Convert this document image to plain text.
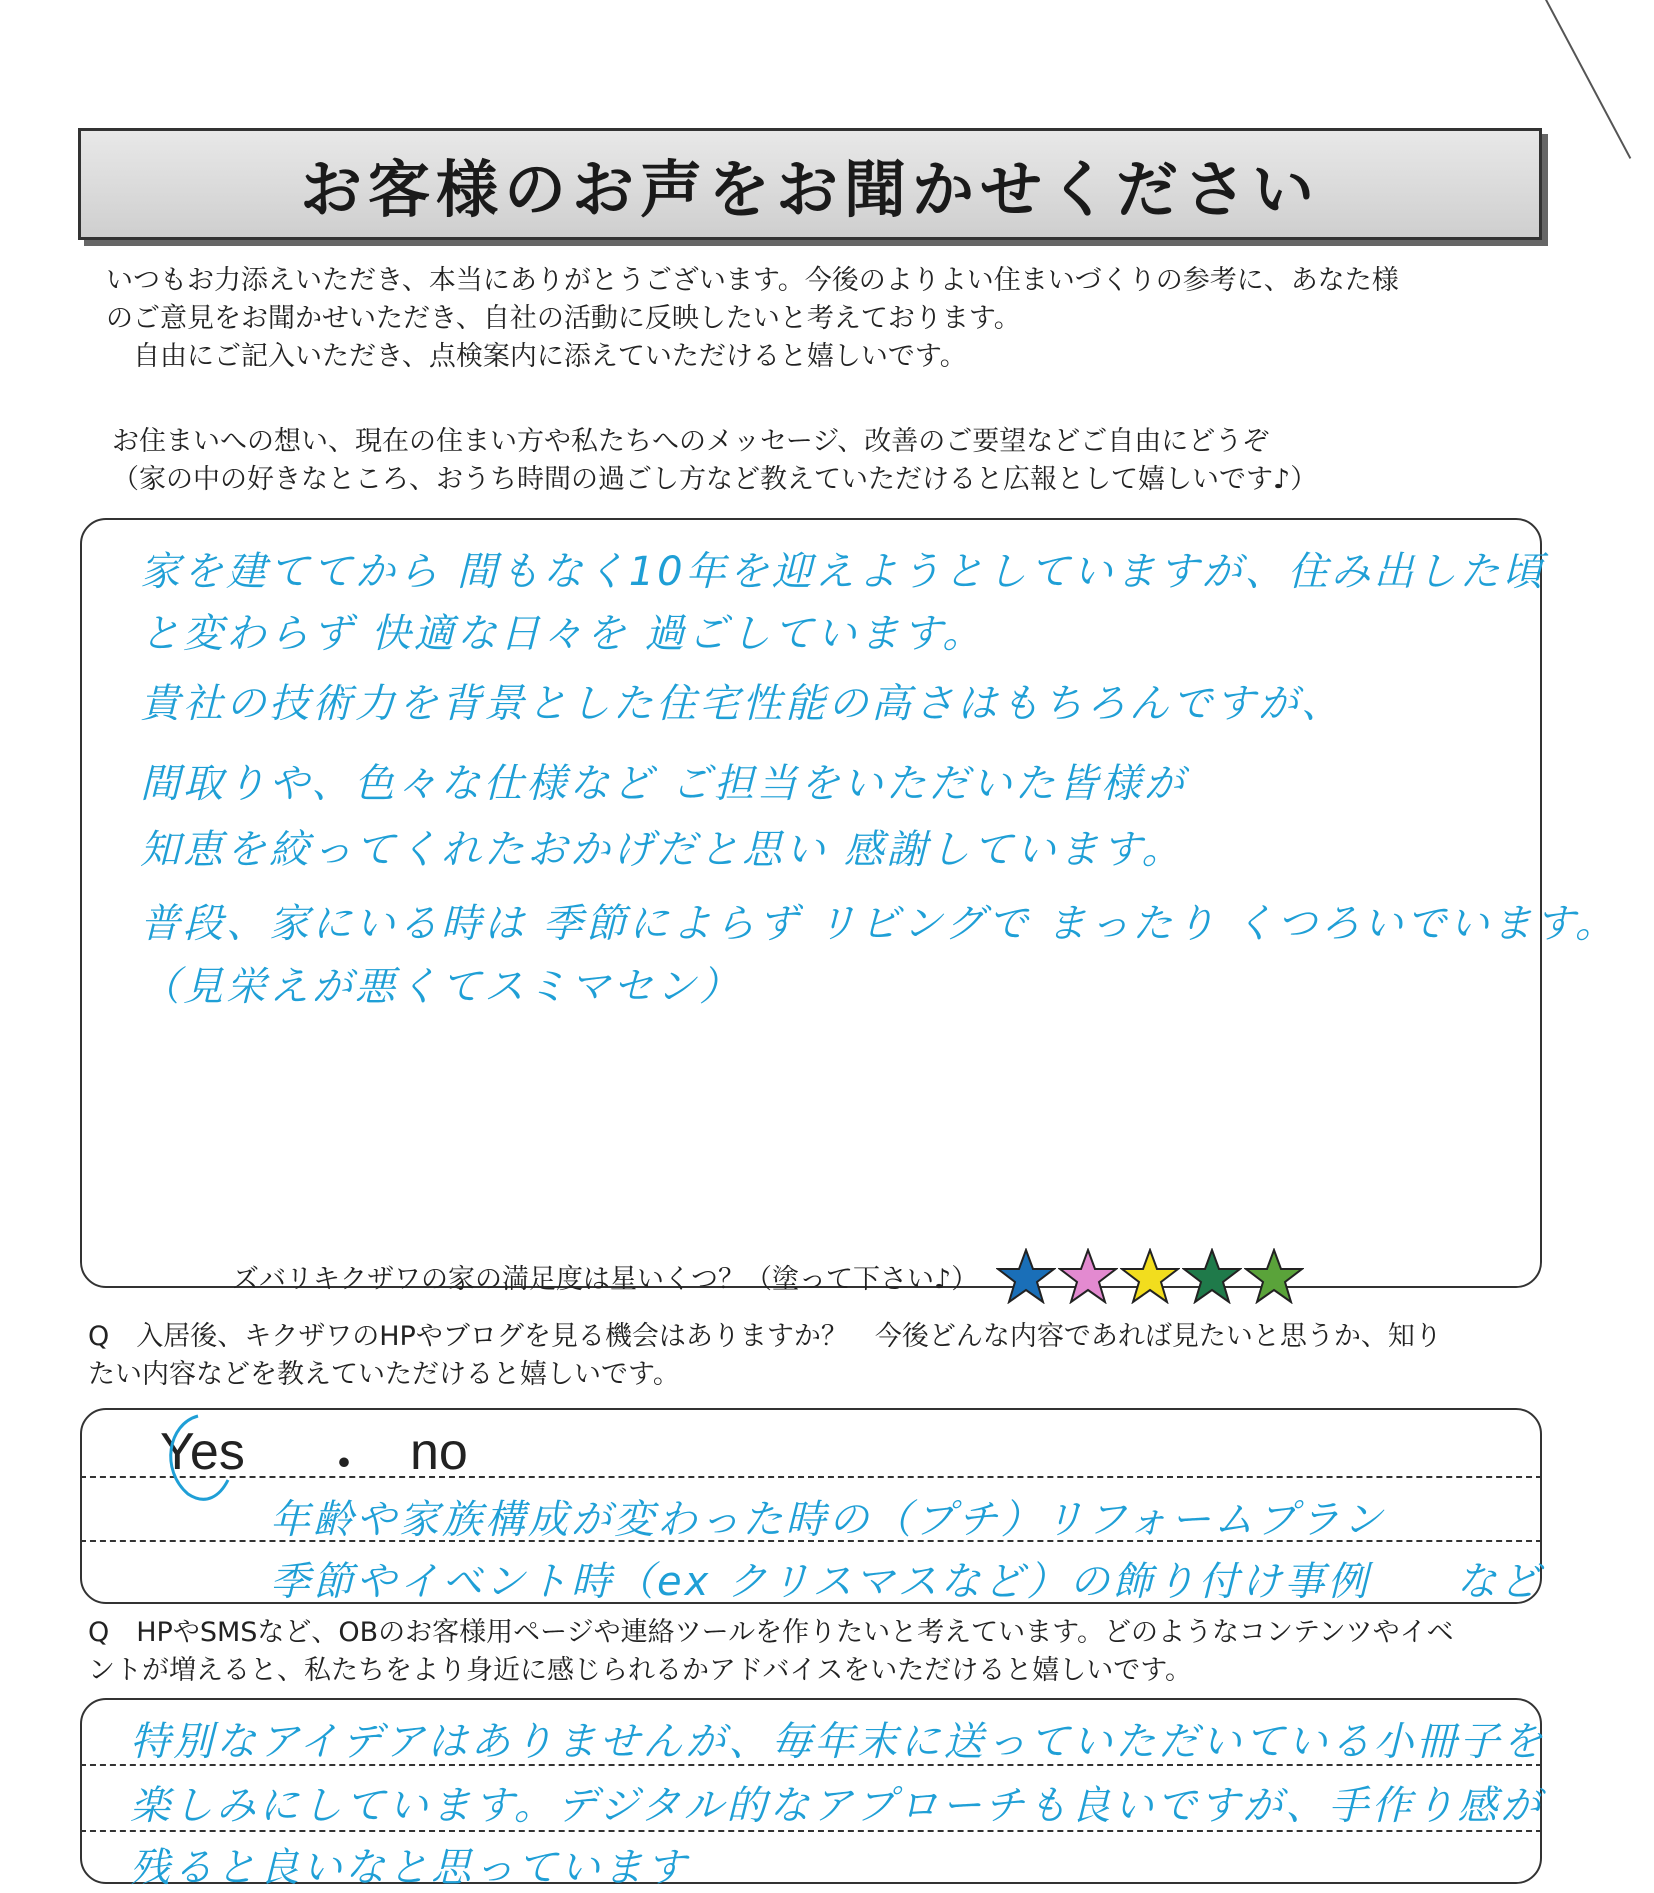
お客様のお声をお聞かせください
いつもお力添えいただき、本当にありがとうございます。今後のよりよい住まいづくりの参考に、あなた様
のご意見をお聞かせいただき、自社の活動に反映したいと考えております。
　自由にご記入いただき、点検案内に添えていただけると嬉しいです。
お住まいへの想い、現在の住まい方や私たちへのメッセージ、改善のご要望などご自由にどうぞ
（家の中の好きなところ、おうち時間の過ごし方など教えていただけると広報として嬉しいです♪）
家を建ててから 間もなく10年を迎えようとしていますが、住み出した頃
と変わらず 快適な日々を 過ごしています。
貴社の技術力を背景とした住宅性能の高さはもちろんですが、
間取りや、色々な仕様など ご担当をいただいた皆様が
知恵を絞ってくれたおかげだと思い 感謝しています。
普段、家にいる時は 季節によらず リビングで まったり くつろいでいます。
（見栄えが悪くてスミマセン）
ズバリキクザワの家の満足度は星いくつ？（塗って下さい♪）
Q　入居後、キクザワのHPやブログを見る機会はありますか？　今後どんな内容であれば見たいと思うか、知り
たい内容などを教えていただけると嬉しいです。
Yes ・ no
年齢や家族構成が変わった時の（プチ）リフォームプラン
季節やイベント時（ex クリスマスなど）の飾り付け事例　　など
Q　HPやSMSなど、OBのお客様用ページや連絡ツールを作りたいと考えています。どのようなコンテンツやイベ
ントが増えると、私たちをより身近に感じられるかアドバイスをいただけると嬉しいです。
特別なアイデアはありませんが、毎年末に送っていただいている小冊子を
楽しみにしています。デジタル的なアプローチも良いですが、手作り感が
残ると良いなと思っています
